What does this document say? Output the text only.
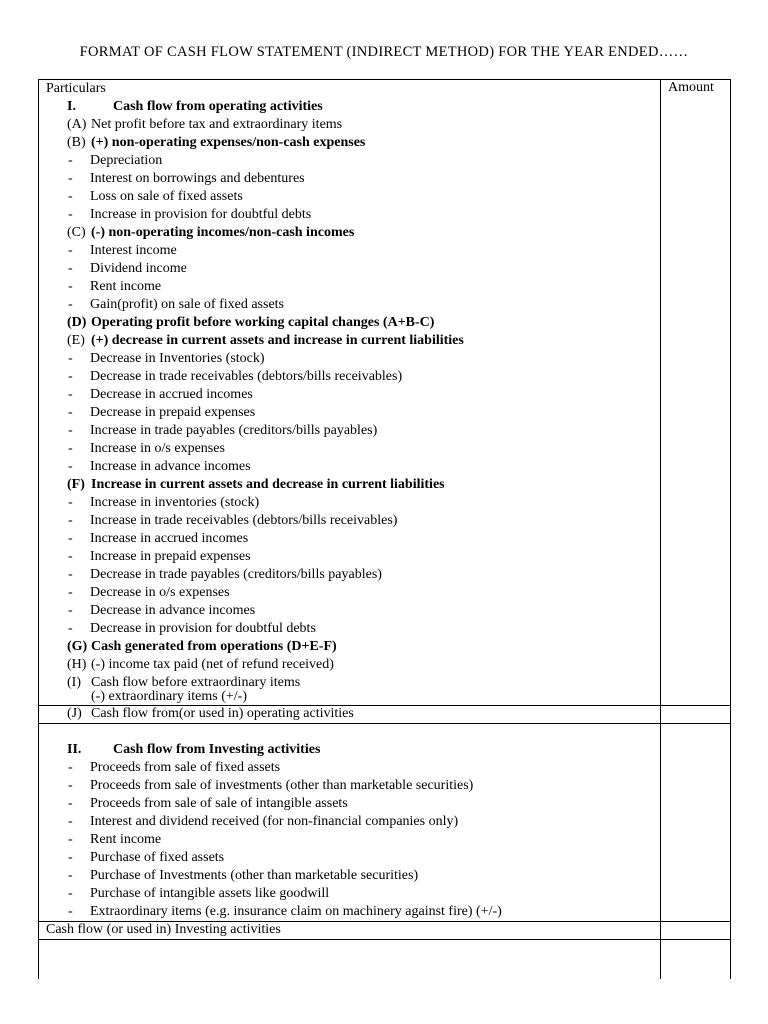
FORMAT OF CASH FLOW STATEMENT (INDIRECT METHOD) FOR THE YEAR ENDED……
Particulars	Amount
I.	Cash flow from operating activities
(A) Net profit before tax and extraordinary items
(B) (+) non-operating expenses/non-cash expenses
- Depreciation
- Interest on borrowings and debentures
- Loss on sale of fixed assets
- Increase in provision for doubtful debts
(C) (-) non-operating incomes/non-cash incomes
- Interest income
- Dividend income
- Rent income
- Gain(profit) on sale of fixed assets
(D) Operating profit before working capital changes (A+B-C)
(E) (+) decrease in current assets and increase in current liabilities
- Decrease in Inventories (stock)
- Decrease in trade receivables (debtors/bills receivables)
- Decrease in accrued incomes
- Decrease in prepaid expenses
- Increase in trade payables (creditors/bills payables)
- Increase in o/s expenses
- Increase in advance incomes
(F) Increase in current assets and decrease in current liabilities
- Increase in inventories (stock)
- Increase in trade receivables (debtors/bills receivables)
- Increase in accrued incomes
- Increase in prepaid expenses
- Decrease in trade payables (creditors/bills payables)
- Decrease in o/s expenses
- Decrease in advance incomes
- Decrease in provision for doubtful debts
(G) Cash generated from operations (D+E-F)
(H) (-) income tax paid (net of refund received)
(I) Cash flow before extraordinary items
(-) extraordinary items (+/-)
(J) Cash flow from(or used in) operating activities
II. Cash flow from Investing activities
- Proceeds from sale of fixed assets
- Proceeds from sale of investments (other than marketable securities)
- Proceeds from sale of sale of intangible assets
- Interest and dividend received (for non-financial companies only)
- Rent income
- Purchase of fixed assets
- Purchase of Investments (other than marketable securities)
- Purchase of intangible assets like goodwill
- Extraordinary items (e.g. insurance claim on machinery against fire) (+/-)
Cash flow (or used in) Investing activities
